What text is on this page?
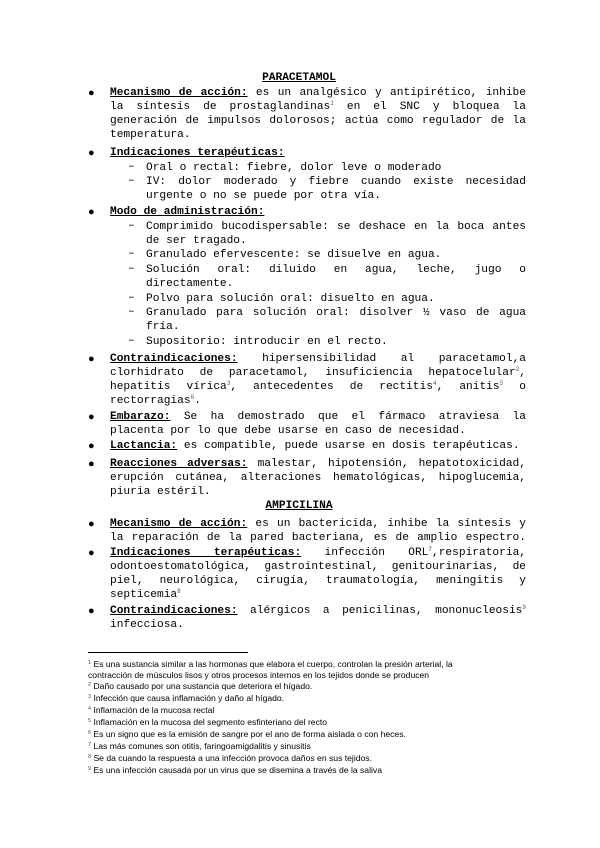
PARACETAMOL
● Mecanismo de acción: es un analgésico y antipirético, inhibe
la síntesis de prostaglandinas$^1$ en el SNC y bloquea la
generación de impulsos dolorosos; actúa como regulador de la
temperatura.
● Indicaciones terapéuticas:
– Oral o rectal: fiebre, dolor leve o moderado
– IV: dolor moderado y fiebre cuando existe necesidad
urgente o no se puede por otra vía.
● Modo de administración:
– Comprimido bucodispersable: se deshace en la boca antes
de ser tragado.
– Granulado efervescente: se disuelve en agua.
– Solución oral: diluido en agua, leche, jugo o
directamente.
– Polvo para solución oral: disuelto en agua.
– Granulado para solución oral: disolver ½ vaso de agua
fría.
– Supositorio: introducir en el recto.
● Contraindicaciones: hipersensibilidad al paracetamol,a
clorhidrato de paracetamol, insuficiencia hepatocelular$^2$,
hepatitis vírica$^3$, antecedentes de rectitis$^4$, anitis$^5$ o
rectorragias$^6$.
● Embarazo: Se ha demostrado que el fármaco atraviesa la
placenta por lo que debe usarse en caso de necesidad.
● Lactancia: es compatible, puede usarse en dosis terapéuticas.
● Reacciones adversas: malestar, hipotensión, hepatotoxicidad,
erupción cutánea, alteraciones hematológicas, hipoglucemia,
piuria estéril.
AMPICILINA
● Mecanismo de acción: es un bactericida, inhibe la síntesis y
la reparación de la pared bacteriana, es de amplio espectro.
● Indicaciones terapéuticas: infección ORL$^7$,respiratoria,
odontoestomatológica, gastrointestinal, genitourinarias, de
piel, neurológica, cirugía, traumatología, meningitis y
septicemia$^8$
● Contraindicaciones: alérgicos a penicilinas, mononucleosis$^9$
infecciosa.
$^1$ Es una sustancia similar a las hormonas que elabora el cuerpo, controlan la presión arterial, la
contracción de músculos lisos y otros procesos internos en los tejidos donde se producen
$^2$ Daño causado por una sustancia que deteriora el hígado.
$^3$ Infección que causa inflamación y daño al hígado.
$^4$ Inflamación de la mucosa rectal
$^5$ Inflamación en la mucosa del segmento esfinteriano del recto
$^6$ Es un signo que es la emisión de sangre por el ano de forma aislada o con heces.
$^7$ Las más comunes son otitis, faringoamigdalitis y sinusitis
$^8$ Se da cuando la respuesta a una infección provoca daños en sus tejidos.
$^9$ Es una infección causada por un virus que se disemina a través de la saliva
